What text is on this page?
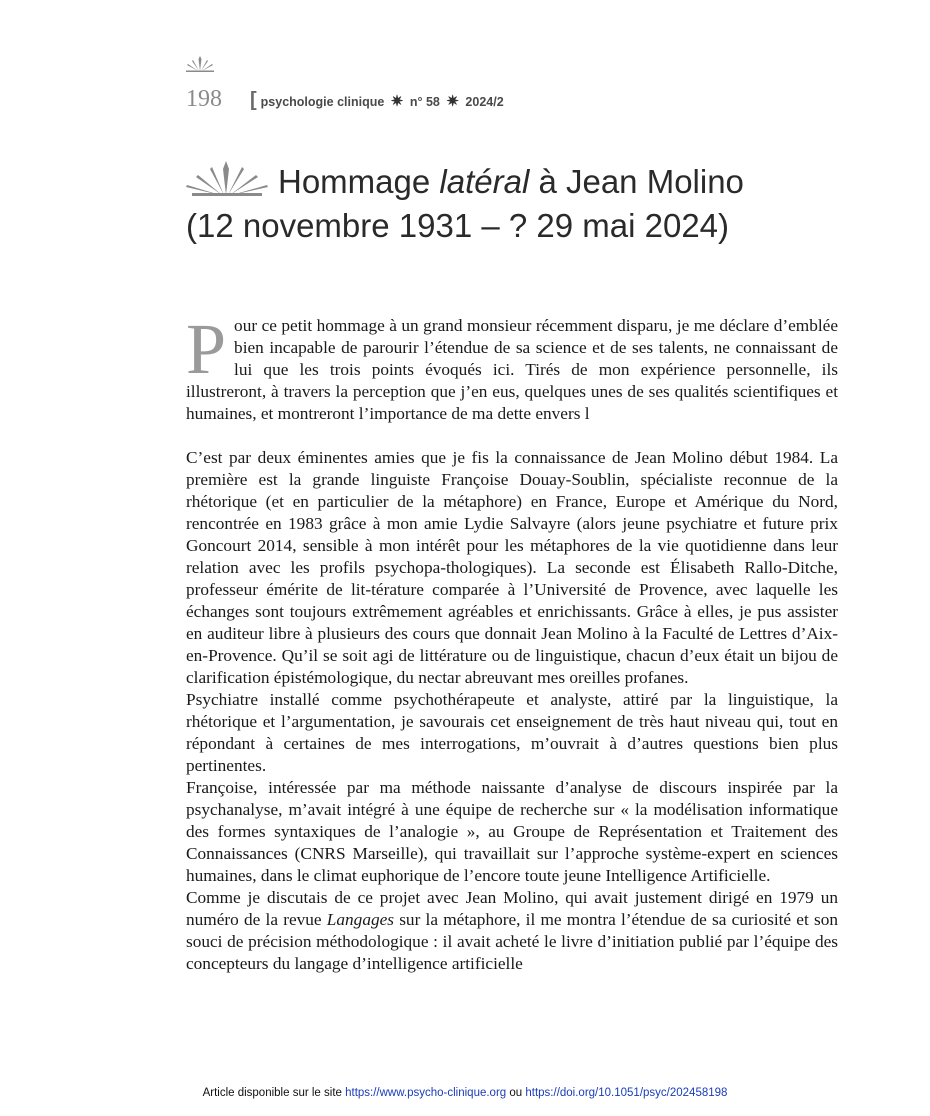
198 [ psychologie clinique ✷ n° 58 ✷ 2024/2
Hommage latéral à Jean Molino
(12 novembre 1931 – ? 29 mai 2024)

Pour ce petit hommage à un grand monsieur récemment disparu, je me déclare d’emblée bien incapable de parourir l’étendue de sa science et de ses talents, ne connaissant de lui que les trois points évoqués ici. Tirés de mon expérience personnelle, ils illustreront, à travers la perception que j’en eus, quelques unes de ses qualités scientifiques et humaines, et montreront l’importance de ma dette envers l

C’est par deux éminentes amies que je fis la connaissance de Jean Molino début 1984. La première est la grande linguiste Françoise Douay-Soublin, spécialiste reconnue de la rhétorique (et en particulier de la métaphore) en France, Europe et Amérique du Nord, rencontrée en 1983 grâce à mon amie Lydie Salvayre (alors jeune psychiatre et future prix Goncourt 2014, sensible à mon intérêt pour les métaphores de la vie quotidienne dans leur relation avec les profils psychopa-thologiques). La seconde est Élisabeth Rallo-Ditche, professeur émérite de lit-térature comparée à l’Université de Provence, avec laquelle les échanges sont toujours extrêmement agréables et enrichissants. Grâce à elles, je pus assister en auditeur libre à plusieurs des cours que donnait Jean Molino à la Faculté de Lettres d’Aix-en-Provence. Qu’il se soit agi de littérature ou de linguistique, chacun d’eux était un bijou de clarification épistémologique, du nectar abreuvant mes oreilles profanes.

Psychiatre installé comme psychothérapeute et analyste, attiré par la linguistique, la rhétorique et l’argumentation, je savourais cet enseignement de très haut niveau qui, tout en répondant à certaines de mes interrogations, m’ouvrait à d’autres questions bien plus pertinentes.

Françoise, intéressée par ma méthode naissante d’analyse de discours inspirée par la psychanalyse, m’avait intégré à une équipe de recherche sur « la modélisation informatique des formes syntaxiques de l’analogie », au Groupe de Représentation et Traitement des Connaissances (CNRS Marseille), qui travaillait sur l’approche système-expert en sciences humaines, dans le climat euphorique de l’encore toute jeune Intelligence Artificielle.

Comme je discutais de ce projet avec Jean Molino, qui avait justement dirigé en 1979 un numéro de la revue Langages sur la métaphore, il me montra l’étendue de sa curiosité et son souci de précision méthodologique : il avait acheté le livre d’initiation publié par l’équipe des concepteurs du langage d’intelligence artificielle

Article disponible sur le site https://www.psycho-clinique.org ou https://doi.org/10.1051/psyc/202458198
